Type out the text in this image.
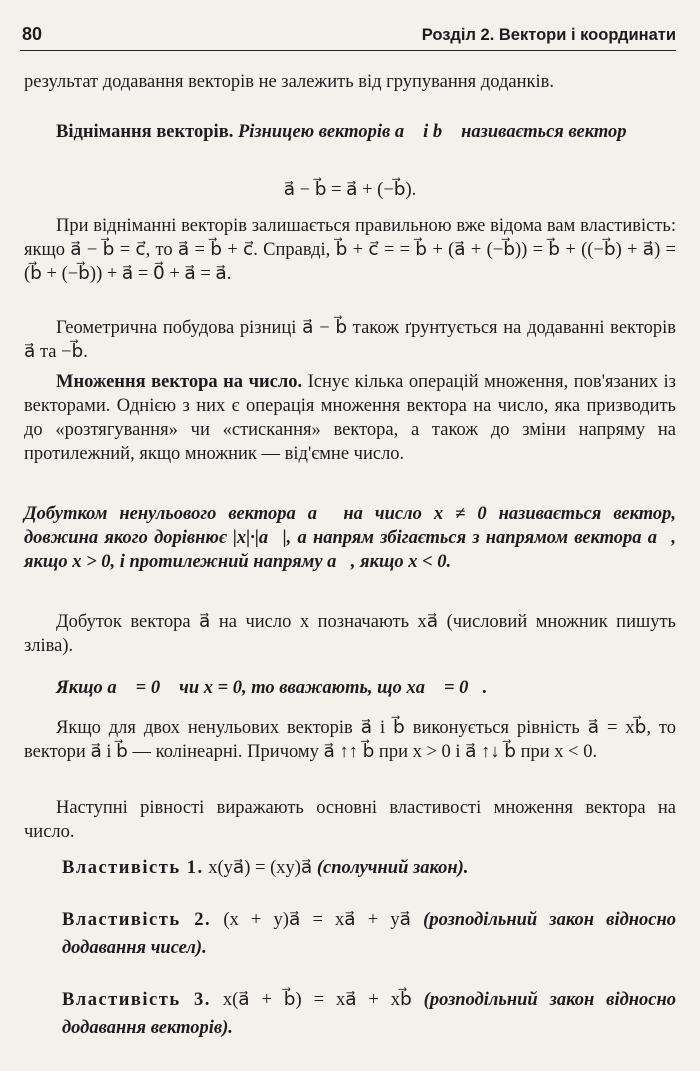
80	Розділ 2. Вектори і координати
результат додавання векторів не залежить від групування доданків.
Віднімання векторів. Різницею векторів a⃗ і b⃗ називається вектор
a⃗ − b⃗ = a⃗ + (−b⃗).
При відніманні векторів залишається правильною вже відома вам властивість: якщо a⃗ − b⃗ = c⃗, то a⃗ = b⃗ + c⃗. Справді, b⃗ + c⃗ = = b⃗ + (a⃗ + (−b⃗)) = b⃗ + ((−b⃗) + a⃗) = (b⃗ + (−b⃗)) + a⃗ = 0⃗ + a⃗ = a⃗.
Геометрична побудова різниці a⃗ − b⃗ також ґрунтується на додаванні векторів a⃗ та −b⃗.
Множення вектора на число. Існує кілька операцій множення, пов'язаних із векторами. Однією з них є операція множення вектора на число, яка призводить до «розтягування» чи «стискання» вектора, а також до зміни напряму на протилежний, якщо множник — від'ємне число.
Добутком ненульового вектора a⃗ на число x ≠ 0 називається вектор, довжина якого дорівнює |x|·|a⃗|, а напрям збігається з напрямом вектора a⃗, якщо x > 0, і протилежний напряму a⃗, якщо x < 0.
Добуток вектора a⃗ на число x позначають xa⃗ (числовий множник пишуть зліва).
Якщо a⃗ = 0⃗ чи x = 0, то вважають, що xa⃗ = 0⃗.
Якщо для двох ненульових векторів a⃗ і b⃗ виконується рівність a⃗ = xb⃗, то вектори a⃗ і b⃗ — колінеарні. Причому a⃗ ↑↑ b⃗ при x > 0 і a⃗ ↑↓ b⃗ при x < 0.
Наступні рівності виражають основні властивості множення вектора на число.
Властивість 1. x(ya⃗) = (xy)a⃗ (сполучний закон).
Властивість 2. (x + y)a⃗ = xa⃗ + ya⃗ (розподільний закон відносно додавання чисел).
Властивість 3. x(a⃗ + b⃗) = xa⃗ + xb⃗ (розподільний закон відносно додавання векторів).
